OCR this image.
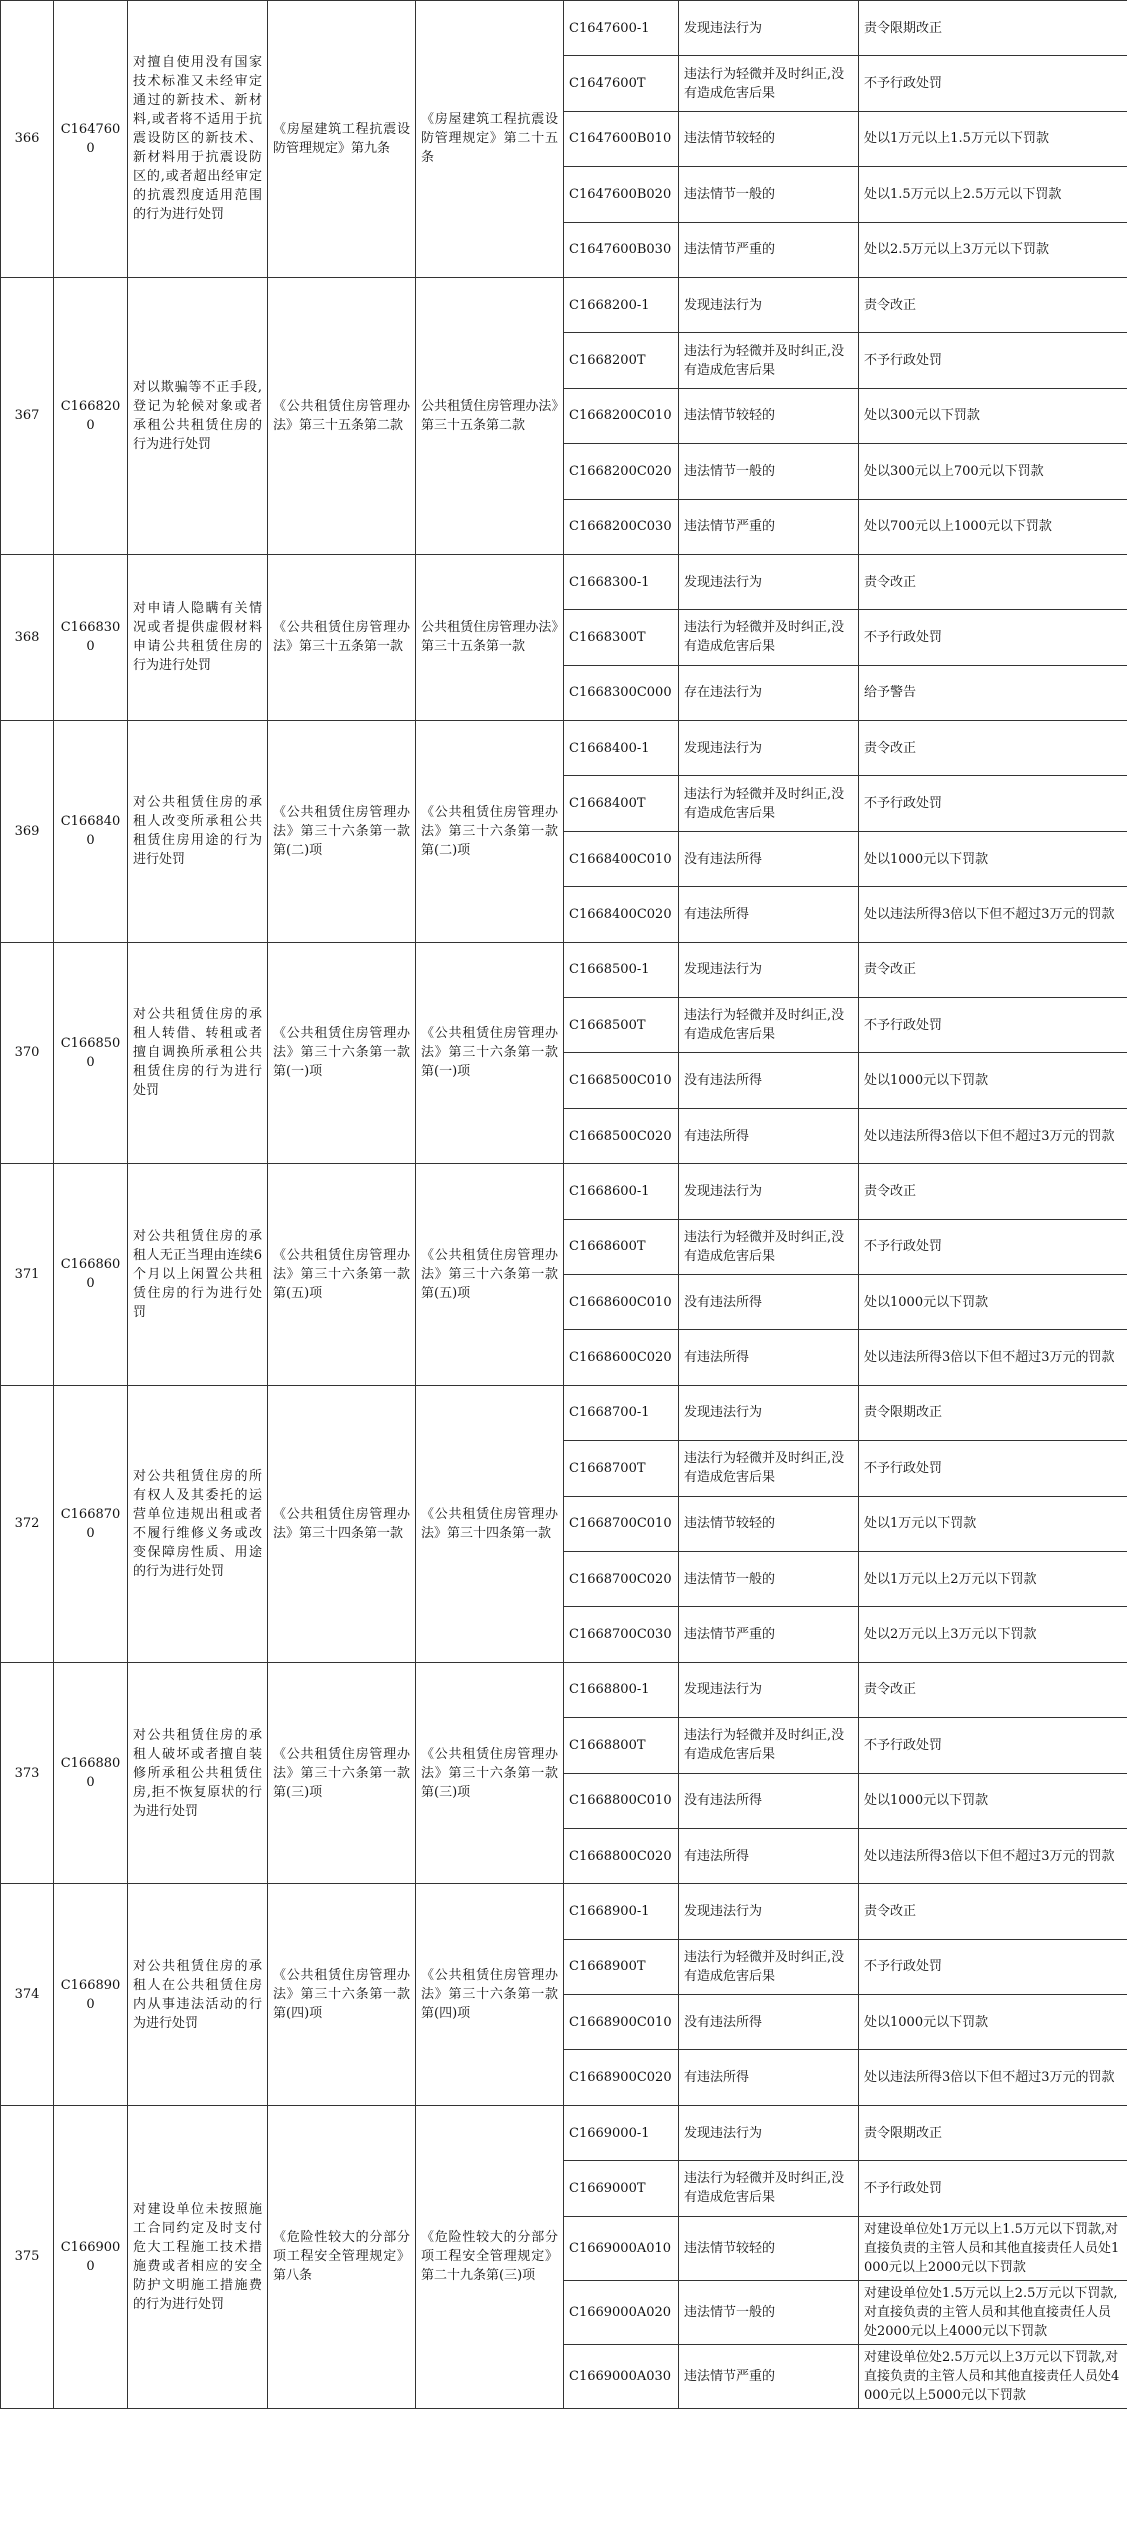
366	C1647600	对擅自使用没有国家技术标准又未经审定通过的新技术、新材料,或者将不适用于抗震设防区的新技术、新材料用于抗震设防区的,或者超出经审定的抗震烈度适用范围的行为进行处罚	《房屋建筑工程抗震设防管理规定》第九条	《房屋建筑工程抗震设防管理规定》第二十五条	C1647600-1	发现违法行为	责令限期改正
					C1647600T	违法行为轻微并及时纠正,没有造成危害后果	不予行政处罚
					C1647600B010	违法情节较轻的	处以1万元以上1.5万元以下罚款
					C1647600B020	违法情节一般的	处以1.5万元以上2.5万元以下罚款
					C1647600B030	违法情节严重的	处以2.5万元以上3万元以下罚款
367	C1668200	对以欺骗等不正手段,登记为轮候对象或者承租公共租赁住房的行为进行处罚	《公共租赁住房管理办法》第三十五条第二款	公共租赁住房管理办法》第三十五条第二款	C1668200-1	发现违法行为	责令改正
					C1668200T	违法行为轻微并及时纠正,没有造成危害后果	不予行政处罚
					C1668200C010	违法情节较轻的	处以300元以下罚款
					C1668200C020	违法情节一般的	处以300元以上700元以下罚款
					C1668200C030	违法情节严重的	处以700元以上1000元以下罚款
368	C1668300	对申请人隐瞒有关情况或者提供虚假材料申请公共租赁住房的行为进行处罚	《公共租赁住房管理办法》第三十五条第一款	公共租赁住房管理办法》第三十五条第一款	C1668300-1	发现违法行为	责令改正
					C1668300T	违法行为轻微并及时纠正,没有造成危害后果	不予行政处罚
					C1668300C000	存在违法行为	给予警告
369	C1668400	对公共租赁住房的承租人改变所承租公共租赁住房用途的行为进行处罚	《公共租赁住房管理办法》第三十六条第一款第(二)项	《公共租赁住房管理办法》第三十六条第一款第(二)项	C1668400-1	发现违法行为	责令改正
					C1668400T	违法行为轻微并及时纠正,没有造成危害后果	不予行政处罚
					C1668400C010	没有违法所得	处以1000元以下罚款
					C1668400C020	有违法所得	处以违法所得3倍以下但不超过3万元的罚款
370	C1668500	对公共租赁住房的承租人转借、转租或者擅自调换所承租公共租赁住房的行为进行处罚	《公共租赁住房管理办法》第三十六条第一款第(一)项	《公共租赁住房管理办法》第三十六条第一款第(一)项	C1668500-1	发现违法行为	责令改正
					C1668500T	违法行为轻微并及时纠正,没有造成危害后果	不予行政处罚
					C1668500C010	没有违法所得	处以1000元以下罚款
					C1668500C020	有违法所得	处以违法所得3倍以下但不超过3万元的罚款
371	C1668600	对公共租赁住房的承租人无正当理由连续6个月以上闲置公共租赁住房的行为进行处罚	《公共租赁住房管理办法》第三十六条第一款第(五)项	《公共租赁住房管理办法》第三十六条第一款第(五)项	C1668600-1	发现违法行为	责令改正
					C1668600T	违法行为轻微并及时纠正,没有造成危害后果	不予行政处罚
					C1668600C010	没有违法所得	处以1000元以下罚款
					C1668600C020	有违法所得	处以违法所得3倍以下但不超过3万元的罚款
372	C1668700	对公共租赁住房的所有权人及其委托的运营单位违规出租或者不履行维修义务或改变保障房性质、用途的行为进行处罚	《公共租赁住房管理办法》第三十四条第一款	《公共租赁住房管理办法》第三十四条第一款	C1668700-1	发现违法行为	责令限期改正
					C1668700T	违法行为轻微并及时纠正,没有造成危害后果	不予行政处罚
					C1668700C010	违法情节较轻的	处以1万元以下罚款
					C1668700C020	违法情节一般的	处以1万元以上2万元以下罚款
					C1668700C030	违法情节严重的	处以2万元以上3万元以下罚款
373	C1668800	对公共租赁住房的承租人破坏或者擅自装修所承租公共租赁住房,拒不恢复原状的行为进行处罚	《公共租赁住房管理办法》第三十六条第一款第(三)项	《公共租赁住房管理办法》第三十六条第一款第(三)项	C1668800-1	发现违法行为	责令改正
					C1668800T	违法行为轻微并及时纠正,没有造成危害后果	不予行政处罚
					C1668800C010	没有违法所得	处以1000元以下罚款
					C1668800C020	有违法所得	处以违法所得3倍以下但不超过3万元的罚款
374	C1668900	对公共租赁住房的承租人在公共租赁住房内从事违法活动的行为进行处罚	《公共租赁住房管理办法》第三十六条第一款第(四)项	《公共租赁住房管理办法》第三十六条第一款第(四)项	C1668900-1	发现违法行为	责令改正
					C1668900T	违法行为轻微并及时纠正,没有造成危害后果	不予行政处罚
					C1668900C010	没有违法所得	处以1000元以下罚款
					C1668900C020	有违法所得	处以违法所得3倍以下但不超过3万元的罚款
375	C1669000	对建设单位未按照施工合同约定及时支付危大工程施工技术措施费或者相应的安全防护文明施工措施费的行为进行处罚	《危险性较大的分部分项工程安全管理规定》第八条	《危险性较大的分部分项工程安全管理规定》第二十九条第(三)项	C1669000-1	发现违法行为	责令限期改正
					C1669000T	违法行为轻微并及时纠正,没有造成危害后果	不予行政处罚
					C1669000A010	违法情节较轻的	对建设单位处1万元以上1.5万元以下罚款,对直接负责的主管人员和其他直接责任人员处1000元以上2000元以下罚款
					C1669000A020	违法情节一般的	对建设单位处1.5万元以上2.5万元以下罚款,对直接负责的主管人员和其他直接责任人员处2000元以上4000元以下罚款
					C1669000A030	违法情节严重的	对建设单位处2.5万元以上3万元以下罚款,对直接负责的主管人员和其他直接责任人员处4000元以上5000元以下罚款
